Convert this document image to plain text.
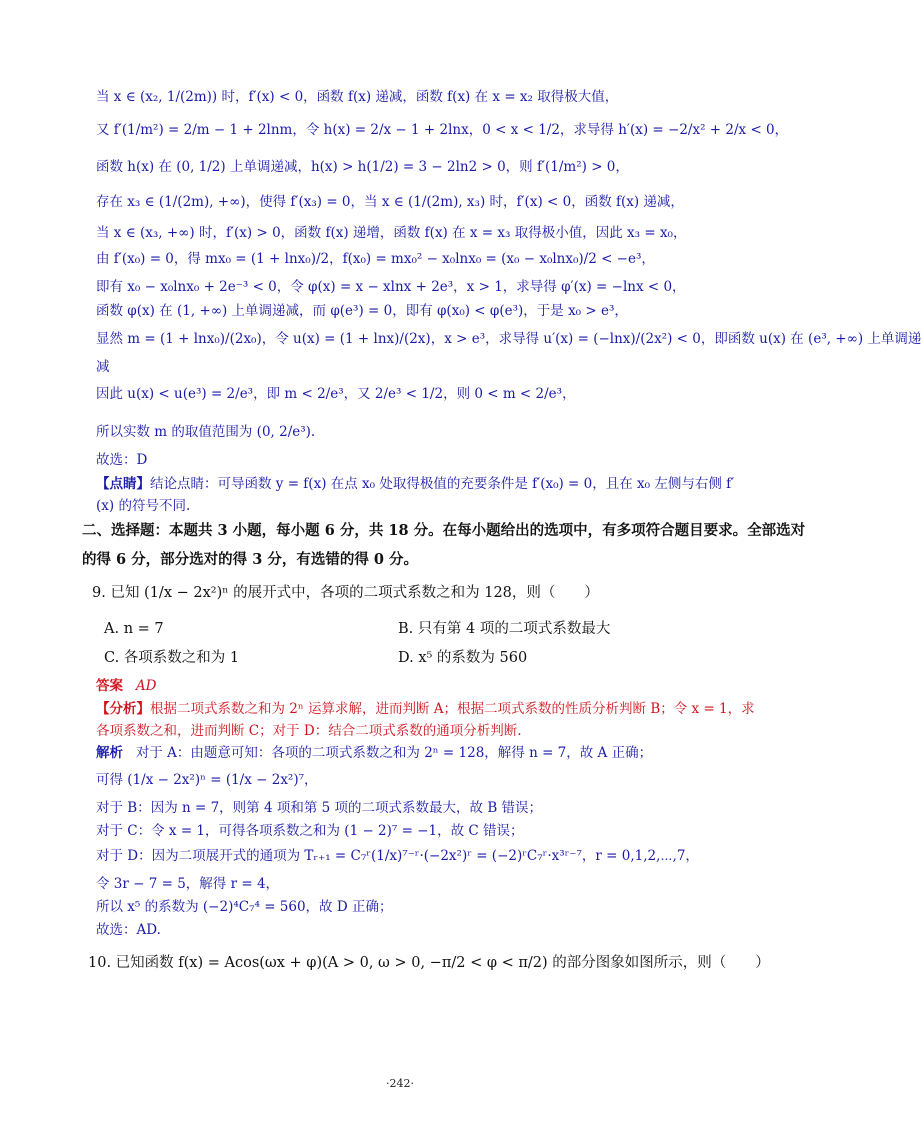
当 x ∈ (x₂, 1/(2m)) 时，f′(x) < 0，函数 f(x) 递减，函数 f(x) 在 x = x₂ 取得极大值，
又 f′(1/m²) = 2/m − 1 + 2lnm，令 h(x) = 2/x − 1 + 2lnx，0 < x < 1/2，求导得 h′(x) = −2/x² + 2/x < 0，
函数 h(x) 在 (0, 1/2) 上单调递减，h(x) > h(1/2) = 3 − 2ln2 > 0，则 f′(1/m²) > 0，
存在 x₃ ∈ (1/(2m), +∞)，使得 f′(x₃) = 0，当 x ∈ (1/(2m), x₃) 时，f′(x) < 0，函数 f(x) 递减，
当 x ∈ (x₃, +∞) 时，f′(x) > 0，函数 f(x) 递增，函数 f(x) 在 x = x₃ 取得极小值，因此 x₃ = x₀，
由 f′(x₀) = 0，得 mx₀ = (1 + lnx₀)/2，f(x₀) = mx₀² − x₀lnx₀ = (x₀ − x₀lnx₀)/2 < −e³，
即有 x₀ − x₀lnx₀ + 2e⁻³ < 0，令 φ(x) = x − xlnx + 2e³，x > 1，求导得 φ′(x) = −lnx < 0，
函数 φ(x) 在 (1, +∞) 上单调递减，而 φ(e³) = 0，即有 φ(x₀) < φ(e³)，于是 x₀ > e³，
显然 m = (1 + lnx₀)/(2x₀)，令 u(x) = (1 + lnx)/(2x)，x > e³，求导得 u′(x) = (−lnx)/(2x²) < 0，即函数 u(x) 在 (e³, +∞) 上单调递
减
因此 u(x) < u(e³) = 2/e³，即 m < 2/e³，又 2/e³ < 1/2，则 0 < m < 2/e³，
所以实数 m 的取值范围为 (0, 2/e³).
故选：D
【点睛】结论点睛：可导函数 y = f(x) 在点 x₀ 处取得极值的充要条件是 f′(x₀) = 0，且在 x₀ 左侧与右侧 f′
(x) 的符号不同.
二、选择题：本题共 3 小题，每小题 6 分，共 18 分。在每小题给出的选项中，有多项符合题目要求。全部选对
的得 6 分，部分选对的得 3 分，有选错的得 0 分。
9. 已知 (1/x − 2x²)ⁿ 的展开式中，各项的二项式系数之和为 128，则（　　）
A. n = 7	B. 只有第 4 项的二项式系数最大
C. 各项系数之和为 1	D. x⁵ 的系数为 560
答案 AD
【分析】根据二项式系数之和为 2ⁿ 运算求解，进而判断 A；根据二项式系数的性质分析判断 B；令 x = 1，求
各项系数之和，进而判断 C；对于 D：结合二项式系数的通项分析判断.
解析 对于 A：由题意可知：各项的二项式系数之和为 2ⁿ = 128，解得 n = 7，故 A 正确；
可得 (1/x − 2x²)ⁿ = (1/x − 2x²)⁷，
对于 B：因为 n = 7，则第 4 项和第 5 项的二项式系数最大，故 B 错误；
对于 C：令 x = 1，可得各项系数之和为 (1 − 2)⁷ = −1，故 C 错误；
对于 D：因为二项展开式的通项为 Tᵣ₊₁ = C₇ʳ(1/x)⁷⁻ʳ·(−2x²)ʳ = (−2)ʳC₇ʳ·x³ʳ⁻⁷，r = 0,1,2,⋯,7，
令 3r − 7 = 5，解得 r = 4，
所以 x⁵ 的系数为 (−2)⁴C₇⁴ = 560，故 D 正确；
故选：AD.
10. 已知函数 f(x) = Acos(ωx + φ)(A > 0, ω > 0, −π/2 < φ < π/2) 的部分图象如图所示，则（　　）
·242·
